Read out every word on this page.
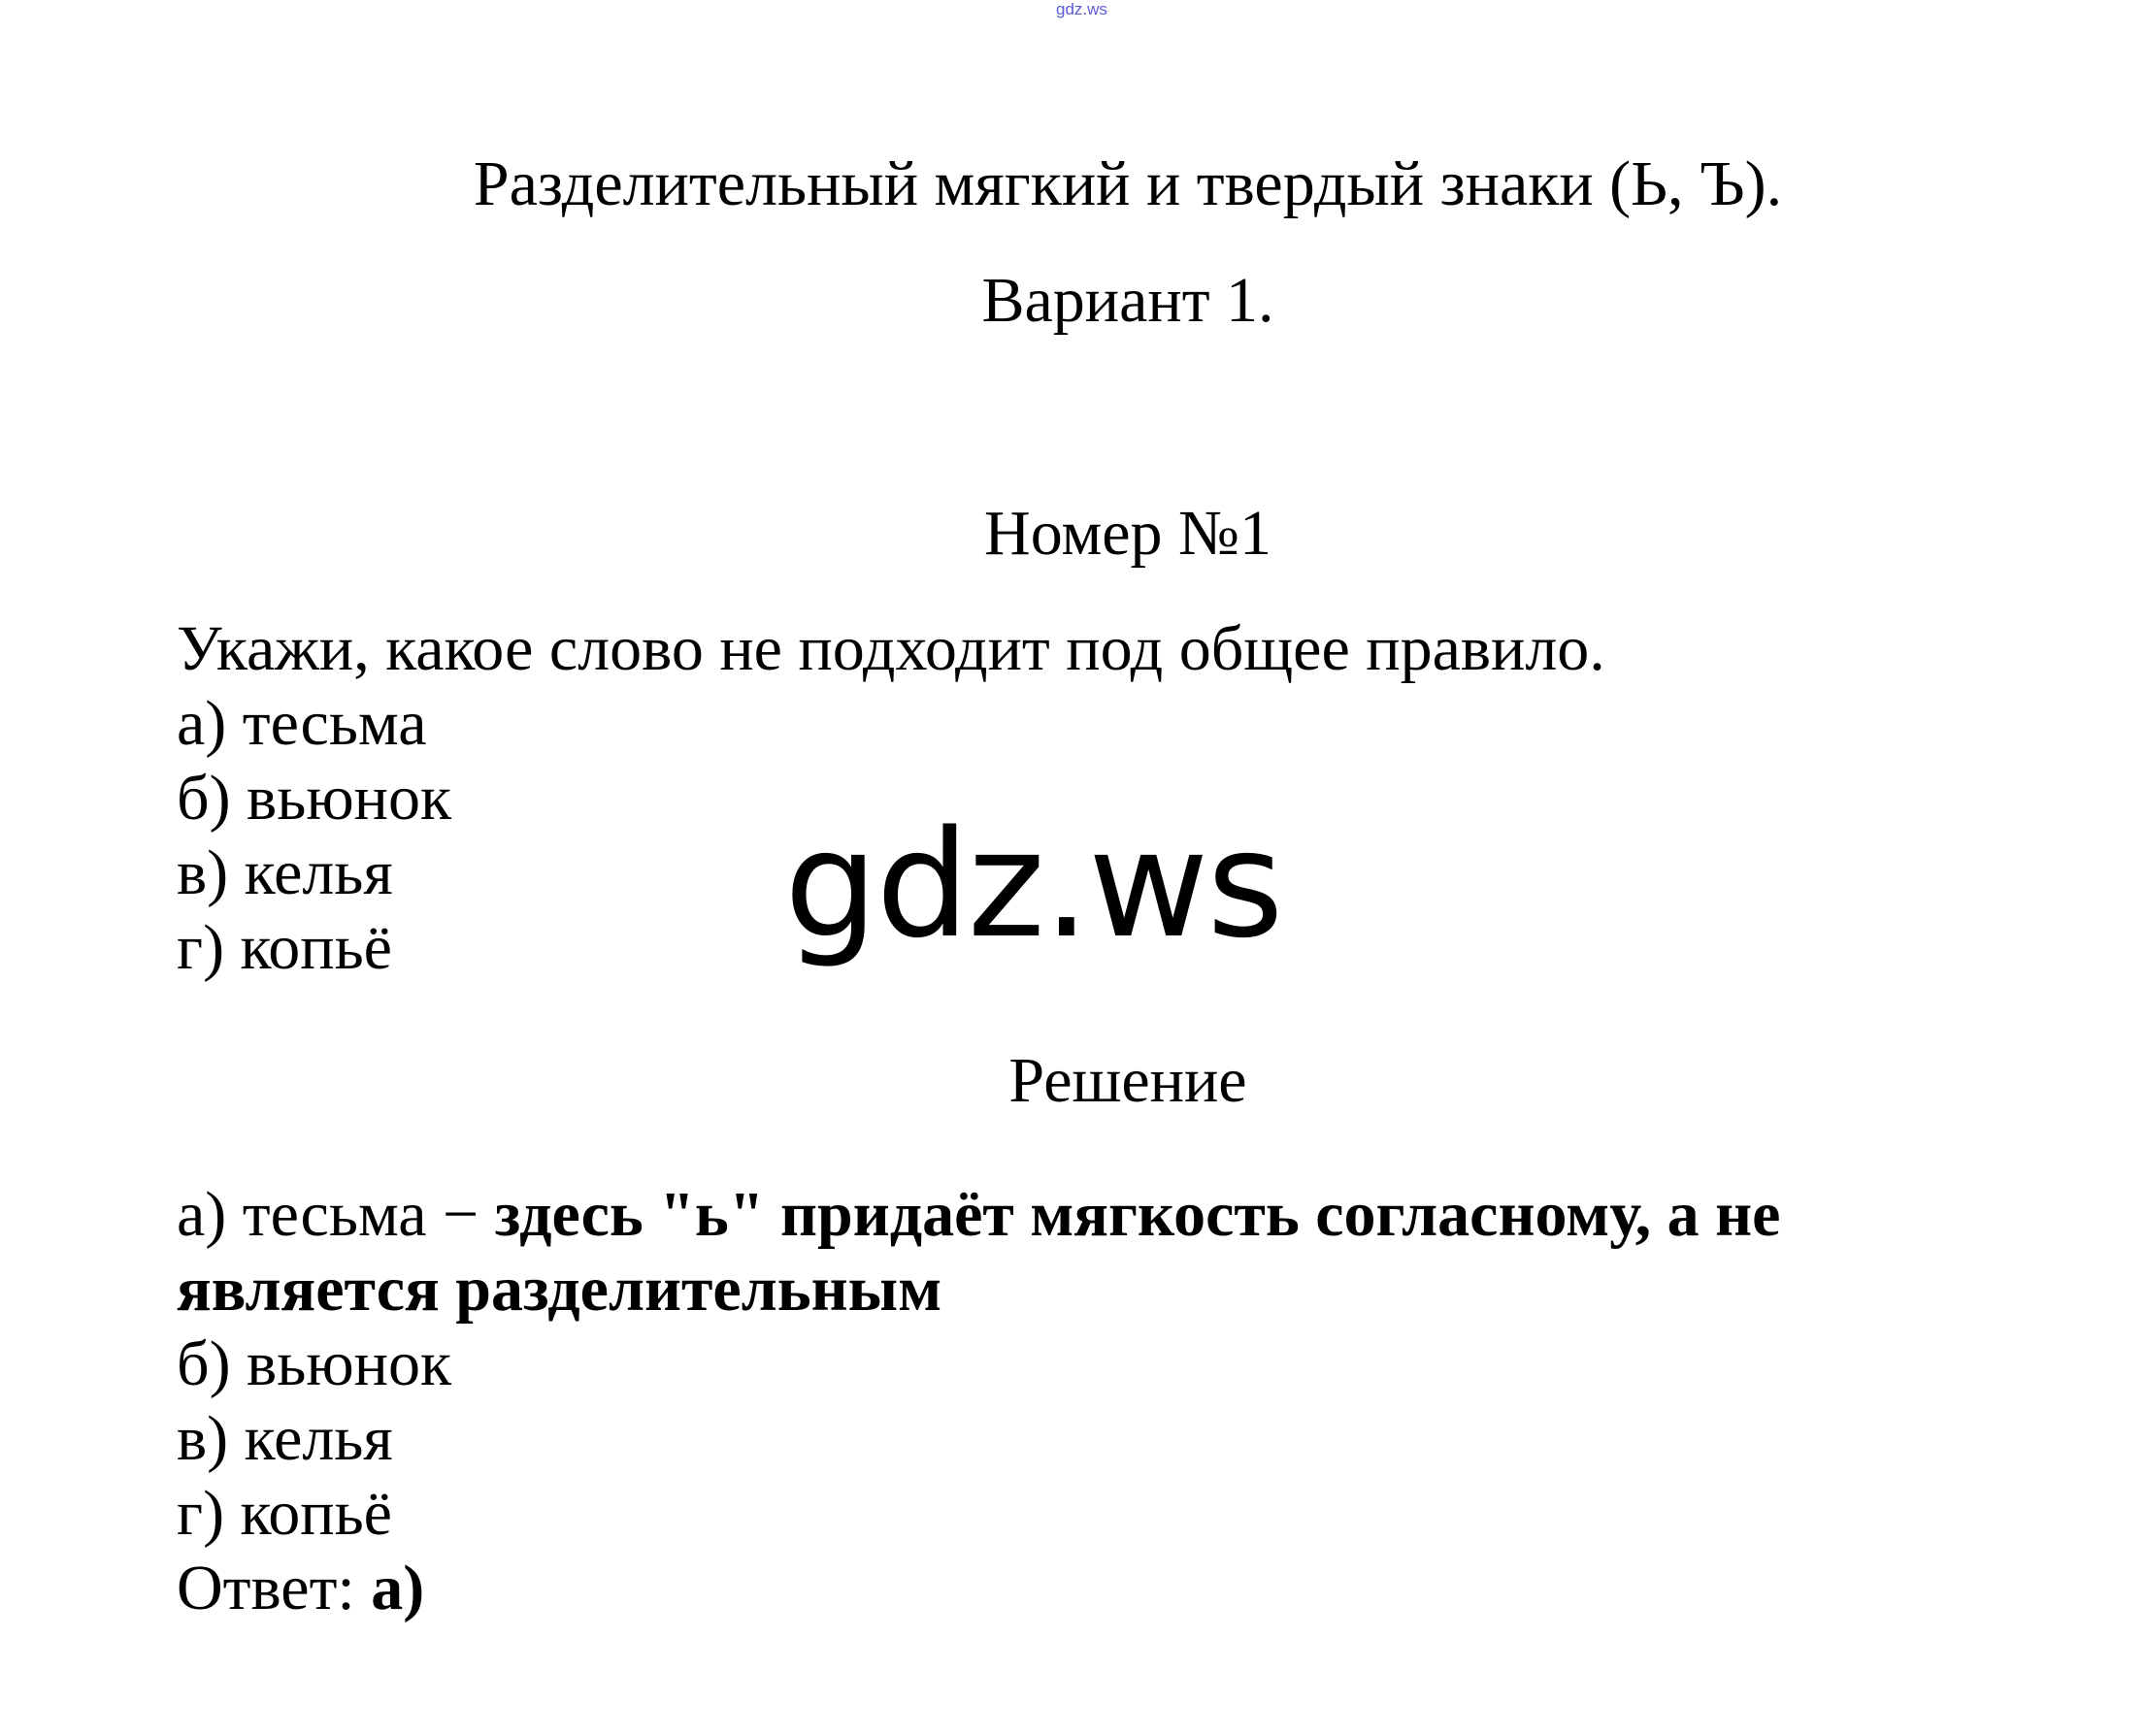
gdz.ws
Разделительный мягкий и твердый знаки (Ь, Ъ).
Вариант 1.
Номер №1
Укажи, какое слово не подходит под общее правило.
а) тесьма
б) вьюнок
в) келья
г) копьё	gdz.ws
Решение
а) тесьма − здесь "ь" придаёт мягкость согласному, а не
является разделительным
б) вьюнок
в) келья
г) копьё
Ответ: а)
